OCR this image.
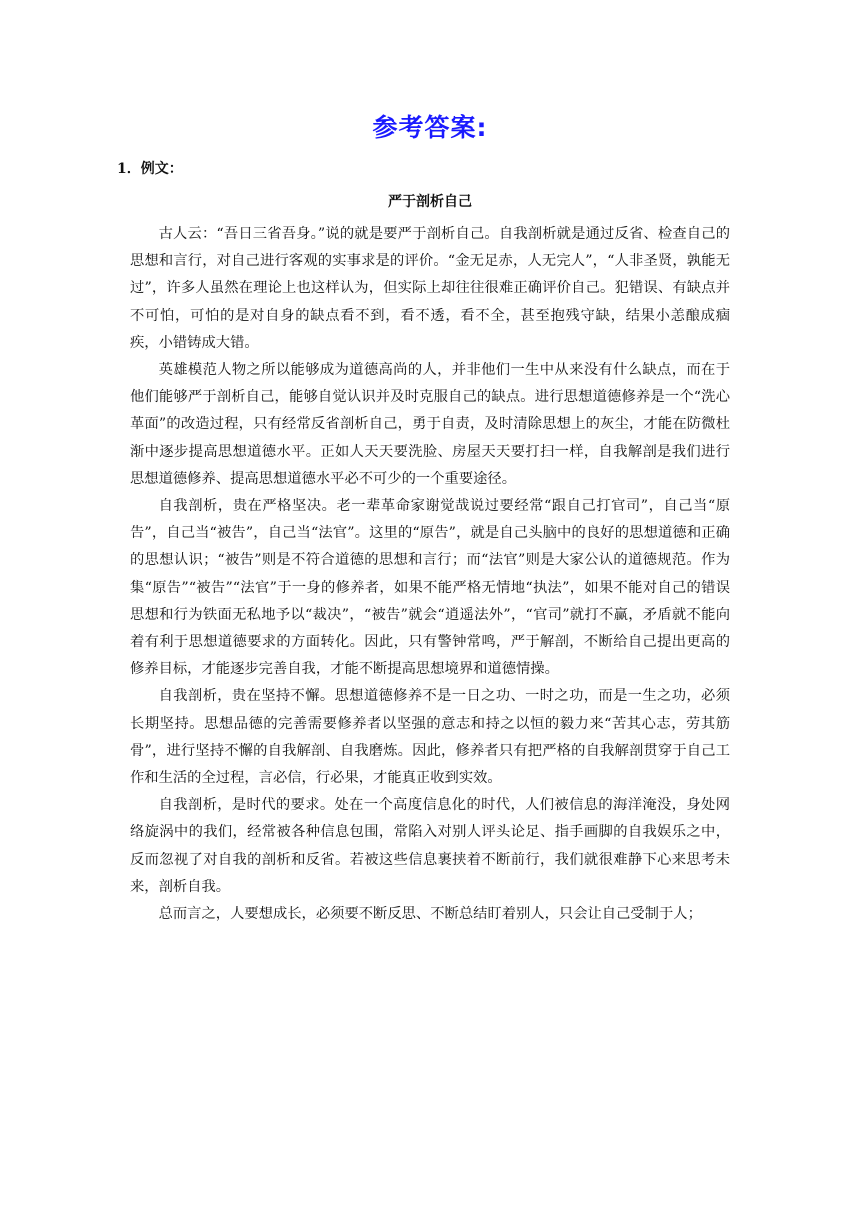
参考答案:
1．例文：
严于剖析自己

古人云：“吾日三省吾身。”说的就是要严于剖析自己。自我剖析就是通过反省、检查自己的思想和言行，对自己进行客观的实事求是的评价。“金无足赤，人无完人”，“人非圣贤，孰能无过”，许多人虽然在理论上也这样认为，但实际上却往往很难正确评价自己。犯错误、有缺点并不可怕，可怕的是对自身的缺点看不到，看不透，看不全，甚至抱残守缺，结果小恙酿成痼疾，小错铸成大错。

英雄模范人物之所以能够成为道德高尚的人，并非他们一生中从来没有什么缺点，而在于他们能够严于剖析自己，能够自觉认识并及时克服自己的缺点。进行思想道德修养是一个“洗心革面”的改造过程，只有经常反省剖析自己，勇于自责，及时清除思想上的灰尘，才能在防微杜渐中逐步提高思想道德水平。正如人天天要洗脸、房屋天天要打扫一样，自我解剖是我们进行思想道德修养、提高思想道德水平必不可少的一个重要途径。

自我剖析，贵在严格坚决。老一辈革命家谢觉哉说过要经常“跟自己打官司”，自己当“原告”，自己当“被告”，自己当“法官”。这里的“原告”，就是自己头脑中的良好的思想道德和正确的思想认识；“被告”则是不符合道德的思想和言行；而“法官”则是大家公认的道德规范。作为集“原告”“被告”“法官”于一身的修养者，如果不能严格无情地“执法”，如果不能对自己的错误思想和行为铁面无私地予以“裁决”，“被告”就会“逍遥法外”，“官司”就打不赢，矛盾就不能向着有利于思想道德要求的方面转化。因此，只有警钟常鸣，严于解剖，不断给自己提出更高的修养目标，才能逐步完善自我，才能不断提高思想境界和道德情操。

自我剖析，贵在坚持不懈。思想道德修养不是一日之功、一时之功，而是一生之功，必须长期坚持。思想品德的完善需要修养者以坚强的意志和持之以恒的毅力来“苦其心志，劳其筋骨”，进行坚持不懈的自我解剖、自我磨炼。因此，修养者只有把严格的自我解剖贯穿于自己工作和生活的全过程，言必信，行必果，才能真正收到实效。

自我剖析，是时代的要求。处在一个高度信息化的时代，人们被信息的海洋淹没，身处网络旋涡中的我们，经常被各种信息包围，常陷入对别人评头论足、指手画脚的自我娱乐之中，反而忽视了对自我的剖析和反省。若被这些信息裹挟着不断前行，我们就很难静下心来思考未来，剖析自我。

总而言之，人要想成长，必须要不断反思、不断总结盯着别人，只会让自己受制于人；
